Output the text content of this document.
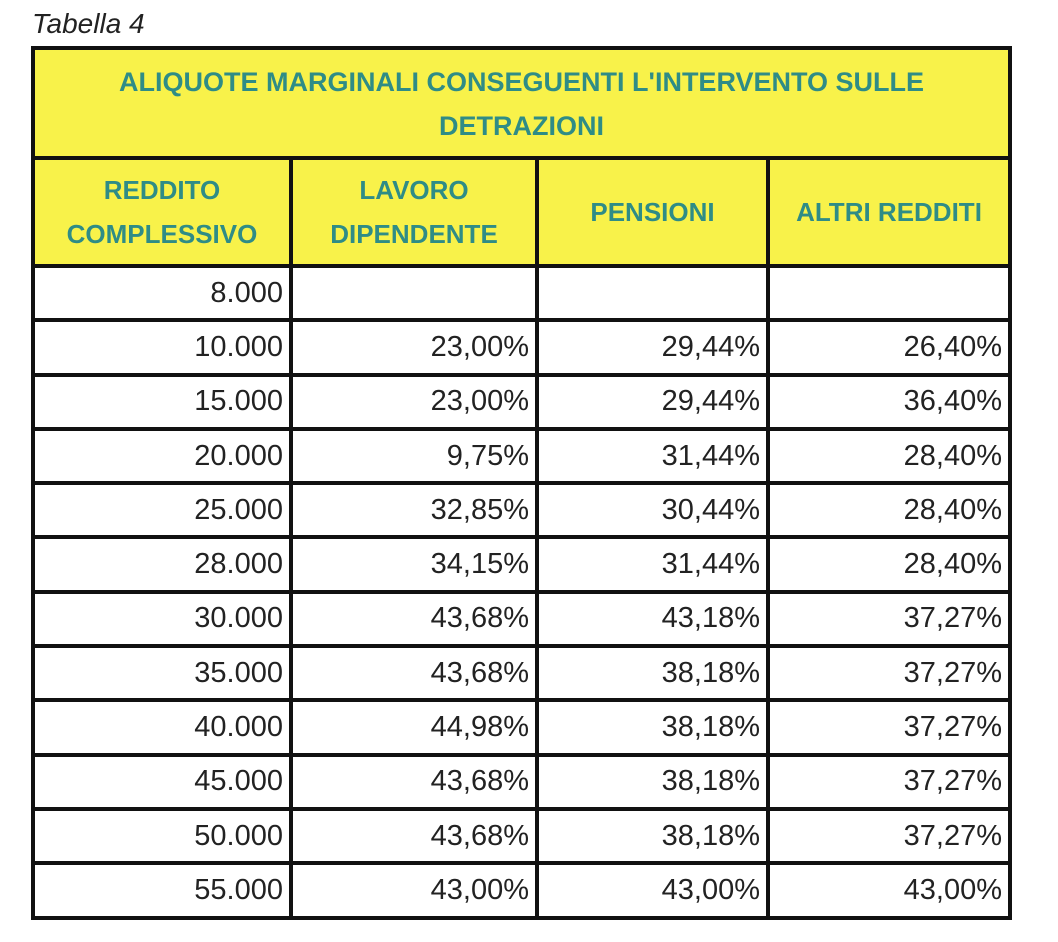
Tabella 4
ALIQUOTE MARGINALI CONSEGUENTI L'INTERVENTO SULLE DETRAZIONI			
REDDITO COMPLESSIVO	LAVORO DIPENDENTE	PENSIONI	ALTRI REDDITI
8.000			
10.000	23,00%	29,44%	26,40%
15.000	23,00%	29,44%	36,40%
20.000	9,75%	31,44%	28,40%
25.000	32,85%	30,44%	28,40%
28.000	34,15%	31,44%	28,40%
30.000	43,68%	43,18%	37,27%
35.000	43,68%	38,18%	37,27%
40.000	44,98%	38,18%	37,27%
45.000	43,68%	38,18%	37,27%
50.000	43,68%	38,18%	37,27%
55.000	43,00%	43,00%	43,00%
